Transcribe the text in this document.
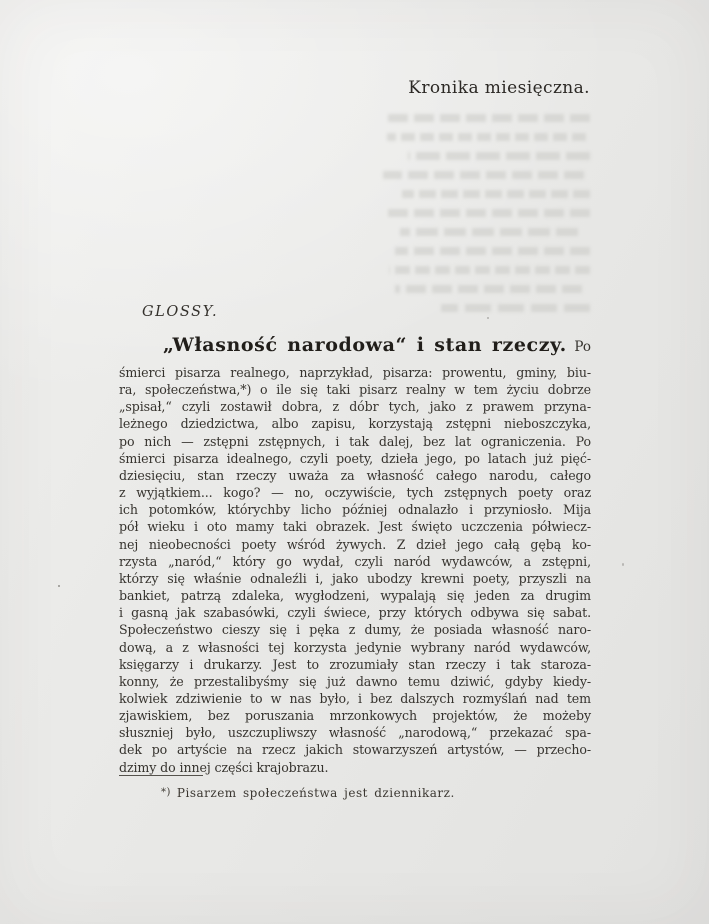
Kronika miesięczna.
GLOSSY.
„Własność narodowa“ i stan rzeczy. Po
śmierci pisarza realnego, naprzykład, pisarza: prowentu, gminy, biu-
ra, społeczeństwa,*) o ile się taki pisarz realny w tem życiu dobrze
„spisał,“ czyli zostawił dobra, z dóbr tych, jako z prawem przyna-
leżnego dziedzictwa, albo zapisu, korzystają zstępni nieboszczyka,
po nich — zstępni zstępnych, i tak dalej, bez lat ograniczenia. Po
śmierci pisarza idealnego, czyli poety, dzieła jego, po latach już pięć-
dziesięciu, stan rzeczy uważa za własność całego narodu, całego
z wyjątkiem... kogo? — no, oczywiście, tych zstępnych poety oraz
ich potomków, którychby licho później odnalazło i przyniosło. Mija
pół wieku i oto mamy taki obrazek. Jest święto uczczenia półwiecz-
nej nieobecności poety wśród żywych. Z dzieł jego całą gębą ko-
rzysta „naród,“ który go wydał, czyli naród wydawców, a zstępni,
którzy się właśnie odnaleźli i, jako ubodzy krewni poety, przyszli na
bankiet, patrzą zdaleka, wygłodzeni, wypalają się jeden za drugim
i gasną jak szabasówki, czyli świece, przy których odbywa się sabat.
Społeczeństwo cieszy się i pęka z dumy, że posiada własność naro-
dową, a z własności tej korzysta jedynie wybrany naród wydawców,
księgarzy i drukarzy. Jest to zrozumiały stan rzeczy i tak staroza-
konny, że przestalibyśmy się już dawno temu dziwić, gdyby kiedy-
kolwiek zdziwienie to w nas było, i bez dalszych rozmyślań nad tem
zjawiskiem, bez poruszania mrzonkowych projektów, że możeby
słuszniej było, uszczupliwszy własność „narodową,“ przekazać spa-
dek po artyście na rzecz jakich stowarzyszeń artystów, — przecho-
dzimy do innej części krajobrazu.
*) Pisarzem społeczeństwa jest dziennikarz.
